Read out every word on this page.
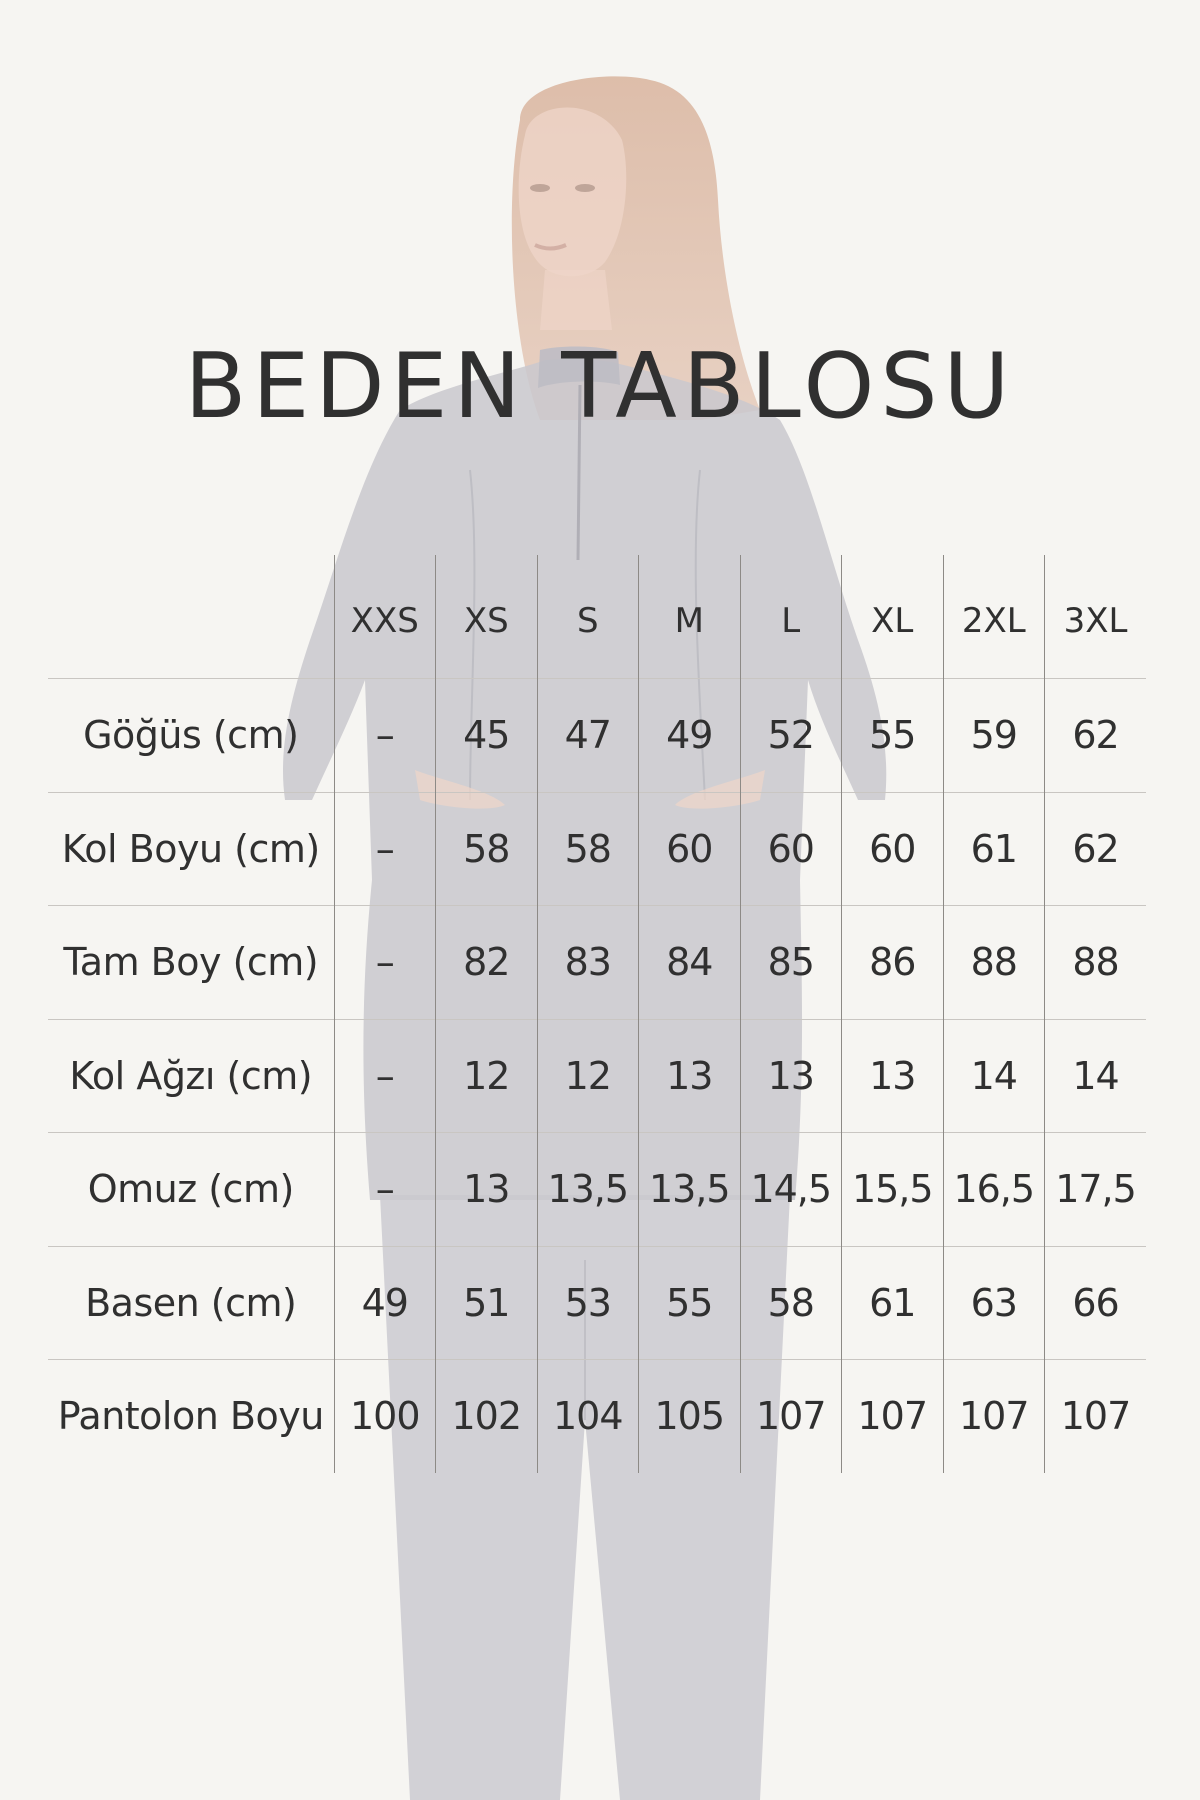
BEDEN TABLOSU
	XXS	XS	S	M	L	XL	2XL	3XL
Göğüs (cm)	–	45	47	49	52	55	59	62
Kol Boyu (cm)	–	58	58	60	60	60	61	62
Tam Boy (cm)	–	82	83	84	85	86	88	88
Kol Ağzı (cm)	–	12	12	13	13	13	14	14
Omuz (cm)	–	13	13,5	13,5	14,5	15,5	16,5	17,5
Basen (cm)	49	51	53	55	58	61	63	66
Pantolon Boyu	100	102	104	105	107	107	107	107
